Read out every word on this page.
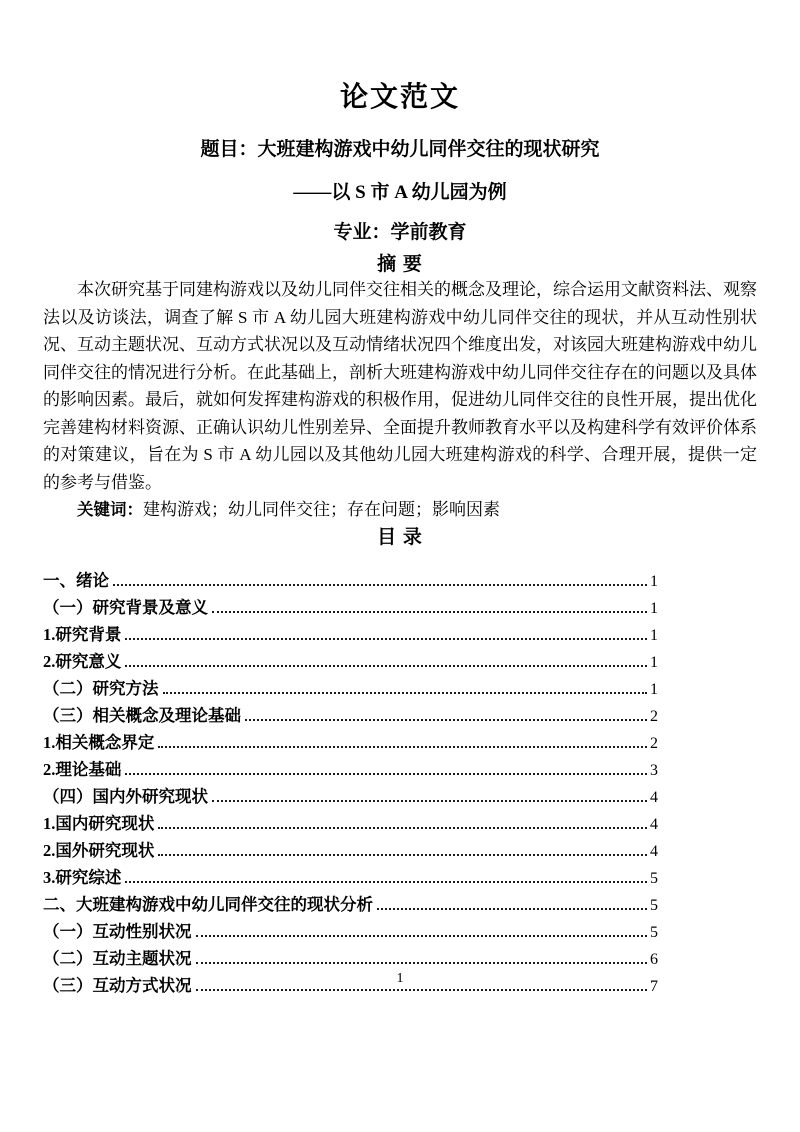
论文范文
题目：大班建构游戏中幼儿同伴交往的现状研究
——以 S 市 A 幼儿园为例
专业：学前教育
摘 要

本次研究基于同建构游戏以及幼儿同伴交往相关的概念及理论，综合运用文献资料法、观察法以及访谈法，调查了解 S 市 A 幼儿园大班建构游戏中幼儿同伴交往的现状，并从互动性别状况、互动主题状况、互动方式状况以及互动情绪状况四个维度出发，对该园大班建构游戏中幼儿同伴交往的情况进行分析。在此基础上，剖析大班建构游戏中幼儿同伴交往存在的问题以及具体的影响因素。最后，就如何发挥建构游戏的积极作用，促进幼儿同伴交往的良性开展，提出优化完善建构材料资源、正确认识幼儿性别差异、全面提升教师教育水平以及构建科学有效评价体系的对策建议，旨在为 S 市 A 幼儿园以及其他幼儿园大班建构游戏的科学、合理开展，提供一定的参考与借鉴。

关键词：建构游戏；幼儿同伴交往；存在问题；影响因素

目 录
一、绪论	1
（一）研究背景及意义	1
1.研究背景	1
2.研究意义	1
（二）研究方法	1
（三）相关概念及理论基础	2
1.相关概念界定	2
2.理论基础	3
（四）国内外研究现状	4
1.国内研究现状	4
2.国外研究现状	4
3.研究综述	5
二、大班建构游戏中幼儿同伴交往的现状分析	5
（一）互动性别状况	5
（二）互动主题状况	6
（三）互动方式状况	7
1
